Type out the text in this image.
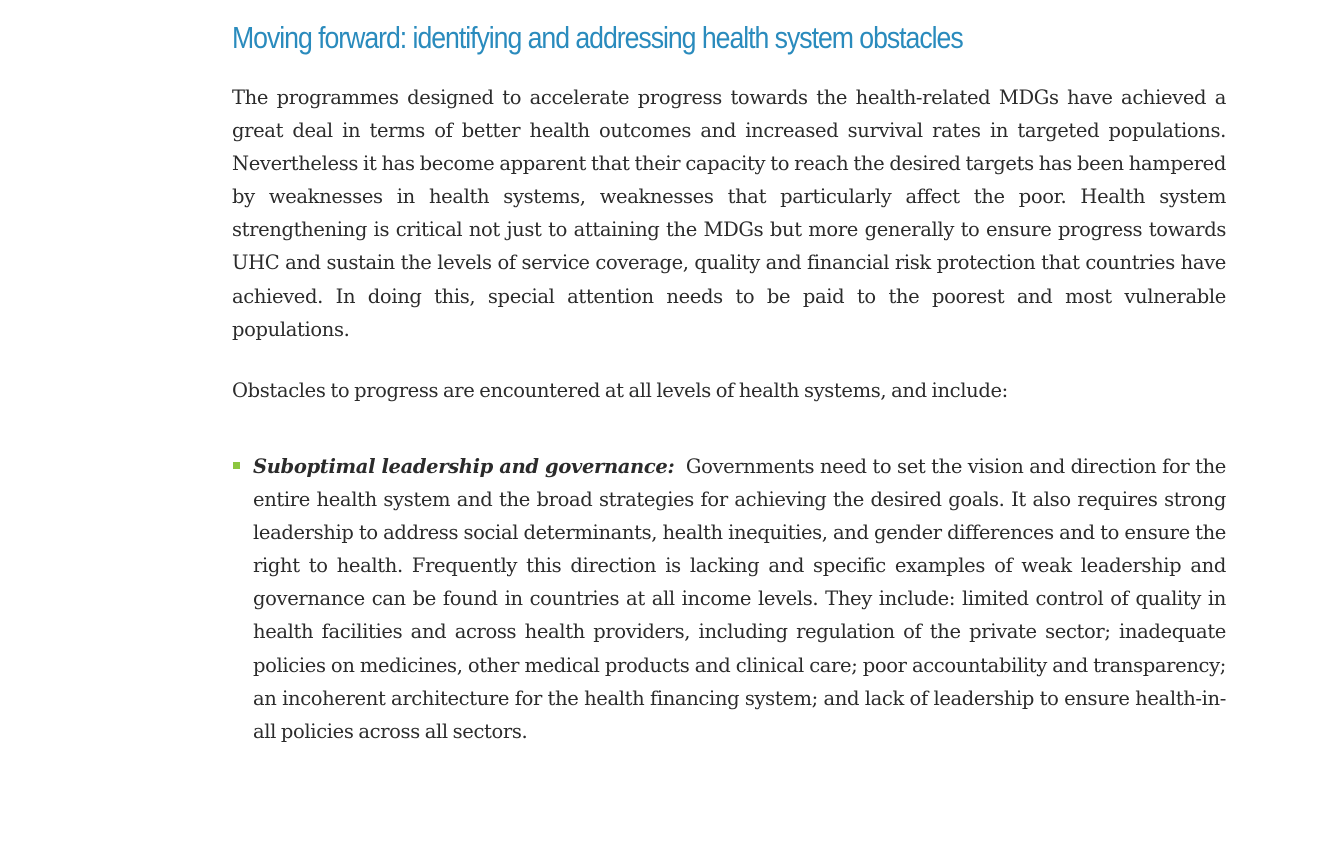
Moving forward: identifying and addressing health system obstacles

The programmes designed to accelerate progress towards the health-related MDGs have achieved a great deal in terms of better health outcomes and increased survival rates in targeted populations. Nevertheless it has become apparent that their capacity to reach the desired targets has been hampered by weaknesses in health systems, weaknesses that particularly affect the poor. Health system strengthening is critical not just to attaining the MDGs but more generally to ensure progress towards UHC and sustain the levels of service coverage, quality and financial risk protection that countries have achieved. In doing this, special attention needs to be paid to the poorest and most vulnerable populations.

Obstacles to progress are encountered at all levels of health systems, and include:

Suboptimal leadership and governance: Governments need to set the vision and direction for the entire health system and the broad strategies for achieving the desired goals. It also requires strong leadership to address social determinants, health inequities, and gender differences and to ensure the right to health. Frequently this direction is lacking and specific examples of weak leadership and governance can be found in countries at all income levels. They include: limited control of quality in health facilities and across health providers, including regulation of the private sector; inadequate policies on medicines, other medical products and clinical care; poor accountability and transparency; an incoherent architecture for the health financing system; and lack of leadership to ensure health-in-all policies across all sectors.
